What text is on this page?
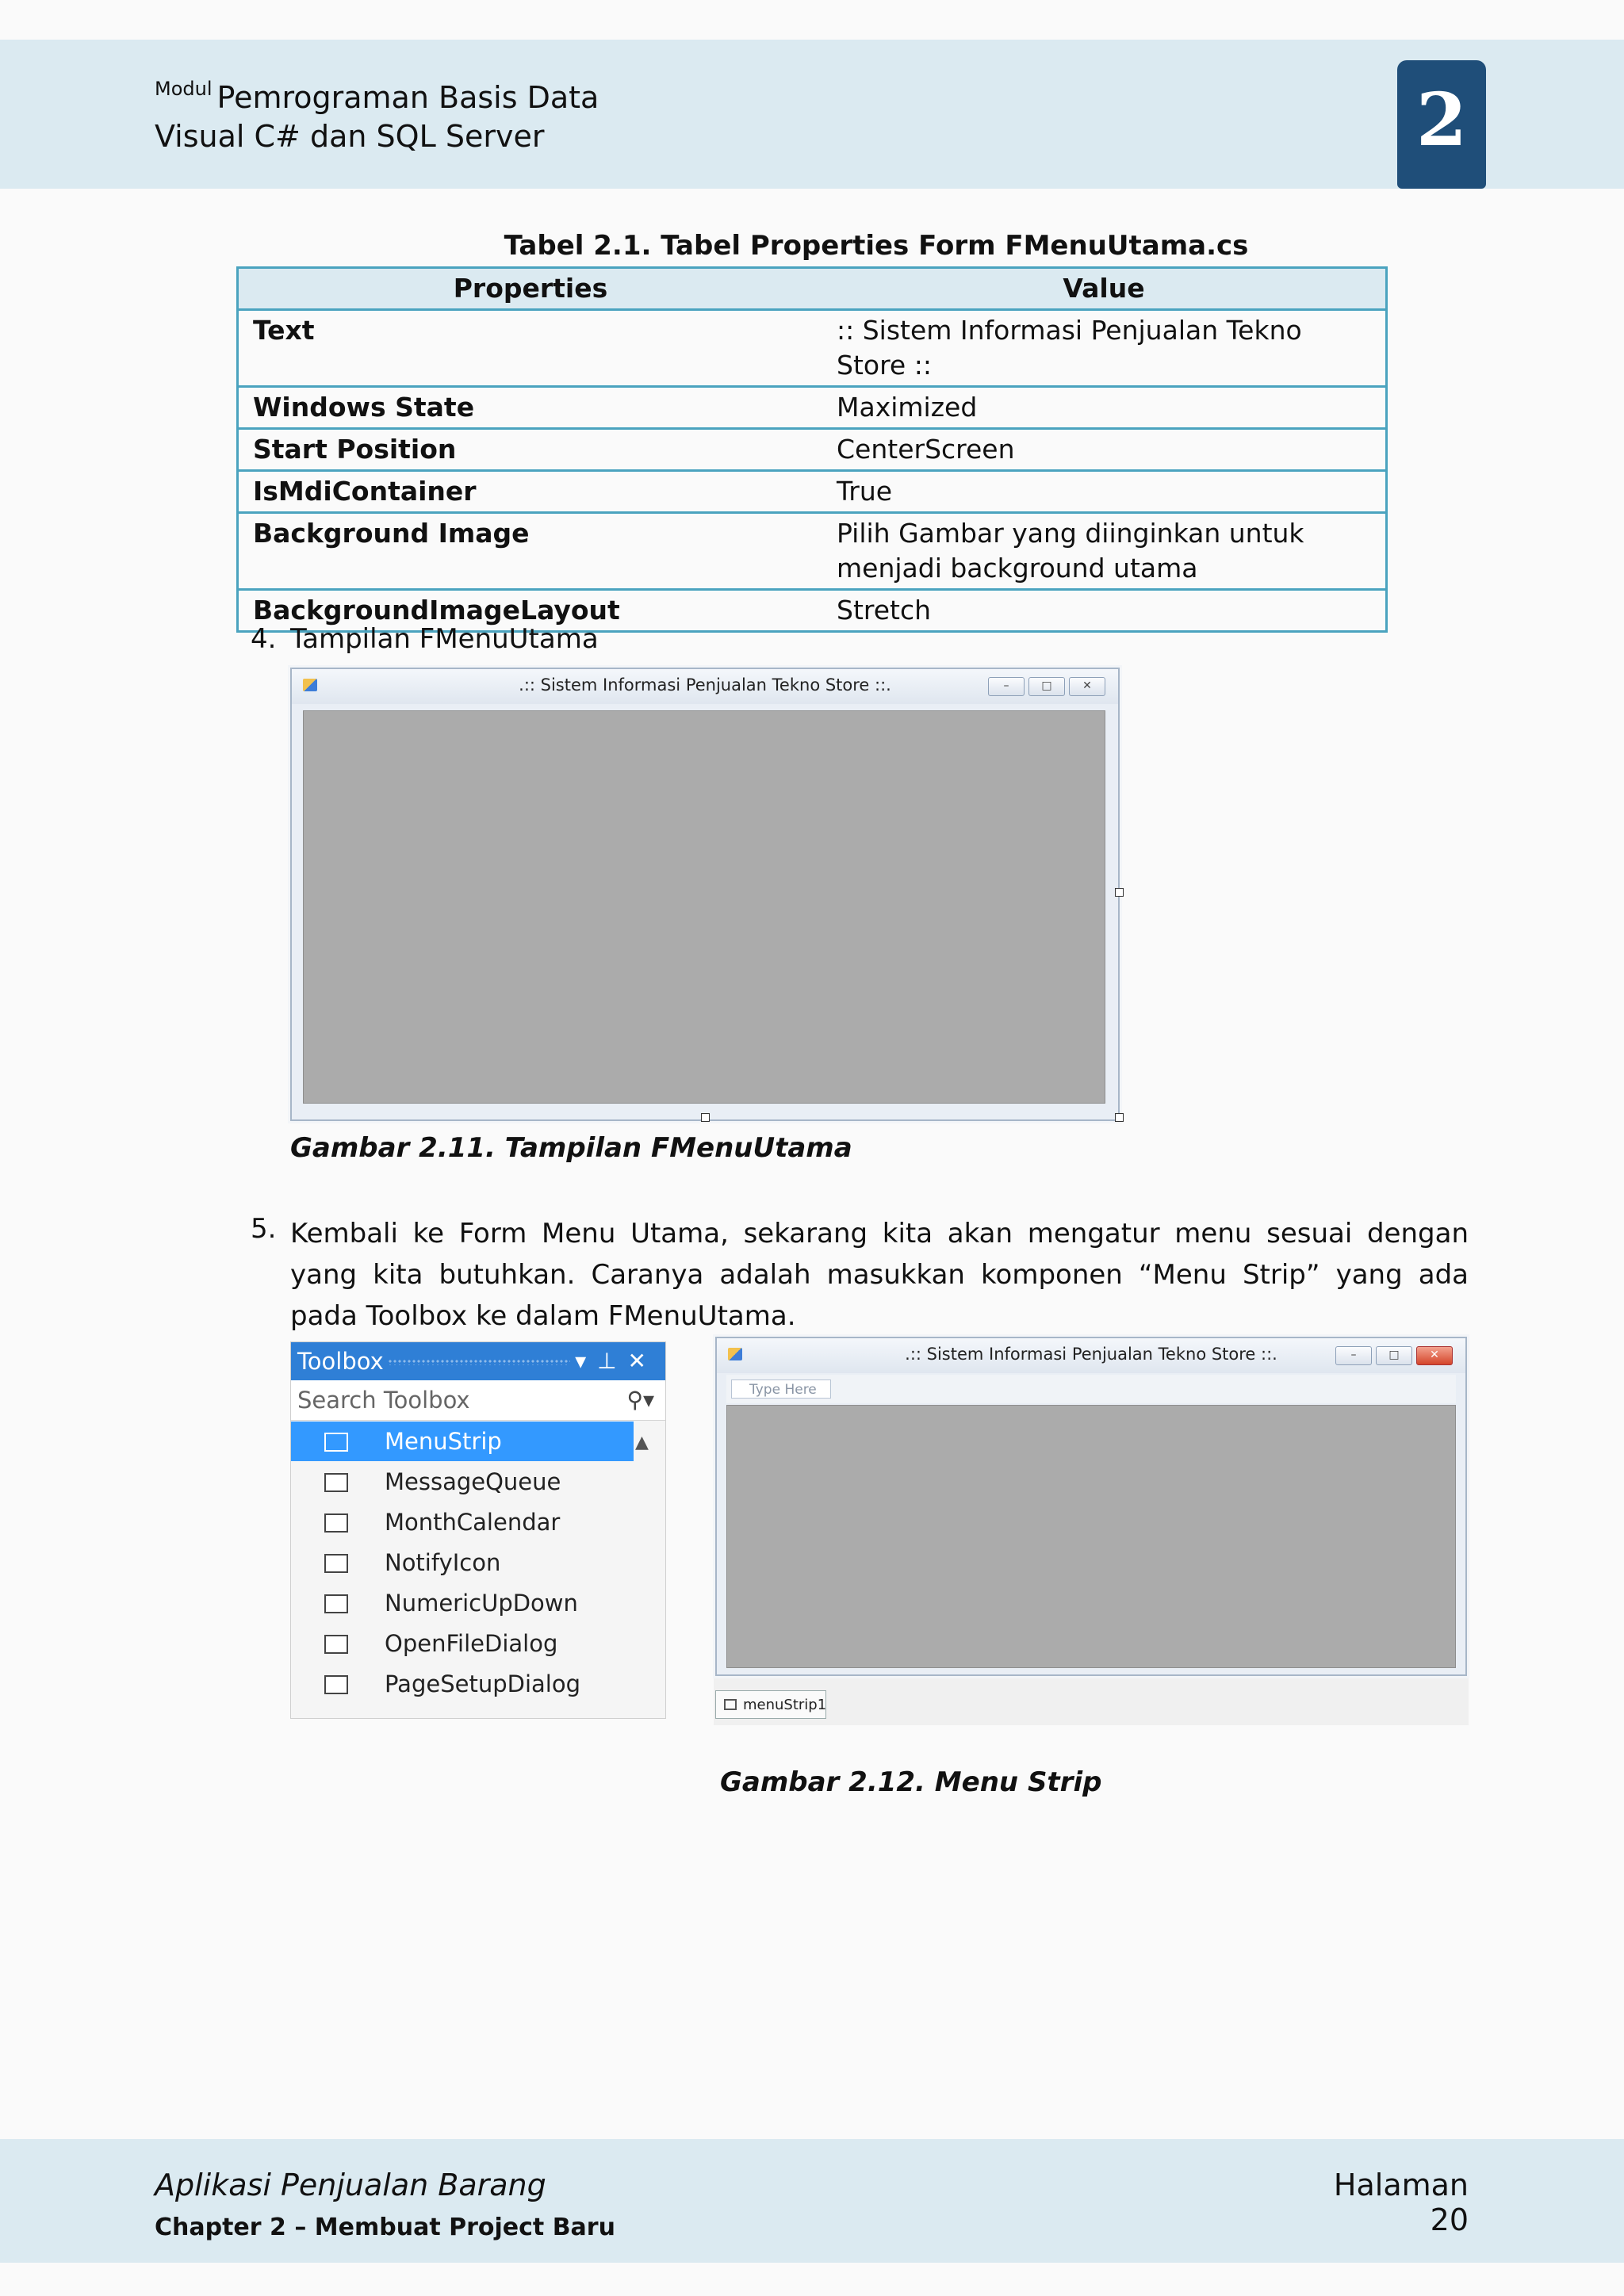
$^{Modul}$ Pemrograman Basis Data
Visual C# dan SQL Server	2
Tabel 2.1. Tabel Properties Form FMenuUtama.cs
Properties	Value
Text	:: Sistem Informasi Penjualan Tekno Store ::
Windows State	Maximized
Start Position	CenterScreen
IsMdiContainer	True
Background Image	Pilih Gambar yang diinginkan untuk menjadi background utama
BackgroundImageLayout	Stretch
4. Tampilan FMenuUtama
.:: Sistem Informasi Penjualan Tekno Store ::.	–	□	✕
Gambar 2.11. Tampilan FMenuUtama
5. Kembali ke Form Menu Utama, sekarang kita akan mengatur menu sesuai dengan yang kita butuhkan. Caranya adalah masukkan komponen “Menu Strip” yang ada pada Toolbox ke dalam FMenuUtama.
Toolbox	▾⊥✕
Search Toolbox	⚲▾
▲
MenuStrip
MessageQueue
MonthCalendar
NotifyIcon
NumericUpDown
OpenFileDialog
PageSetupDialog
.:: Sistem Informasi Penjualan Tekno Store ::.	–	□	✕
Type Here
menuStrip1
Gambar 2.12. Menu Strip
Aplikasi Penjualan Barang
Chapter 2 – Membuat Project Baru
Halaman 20
